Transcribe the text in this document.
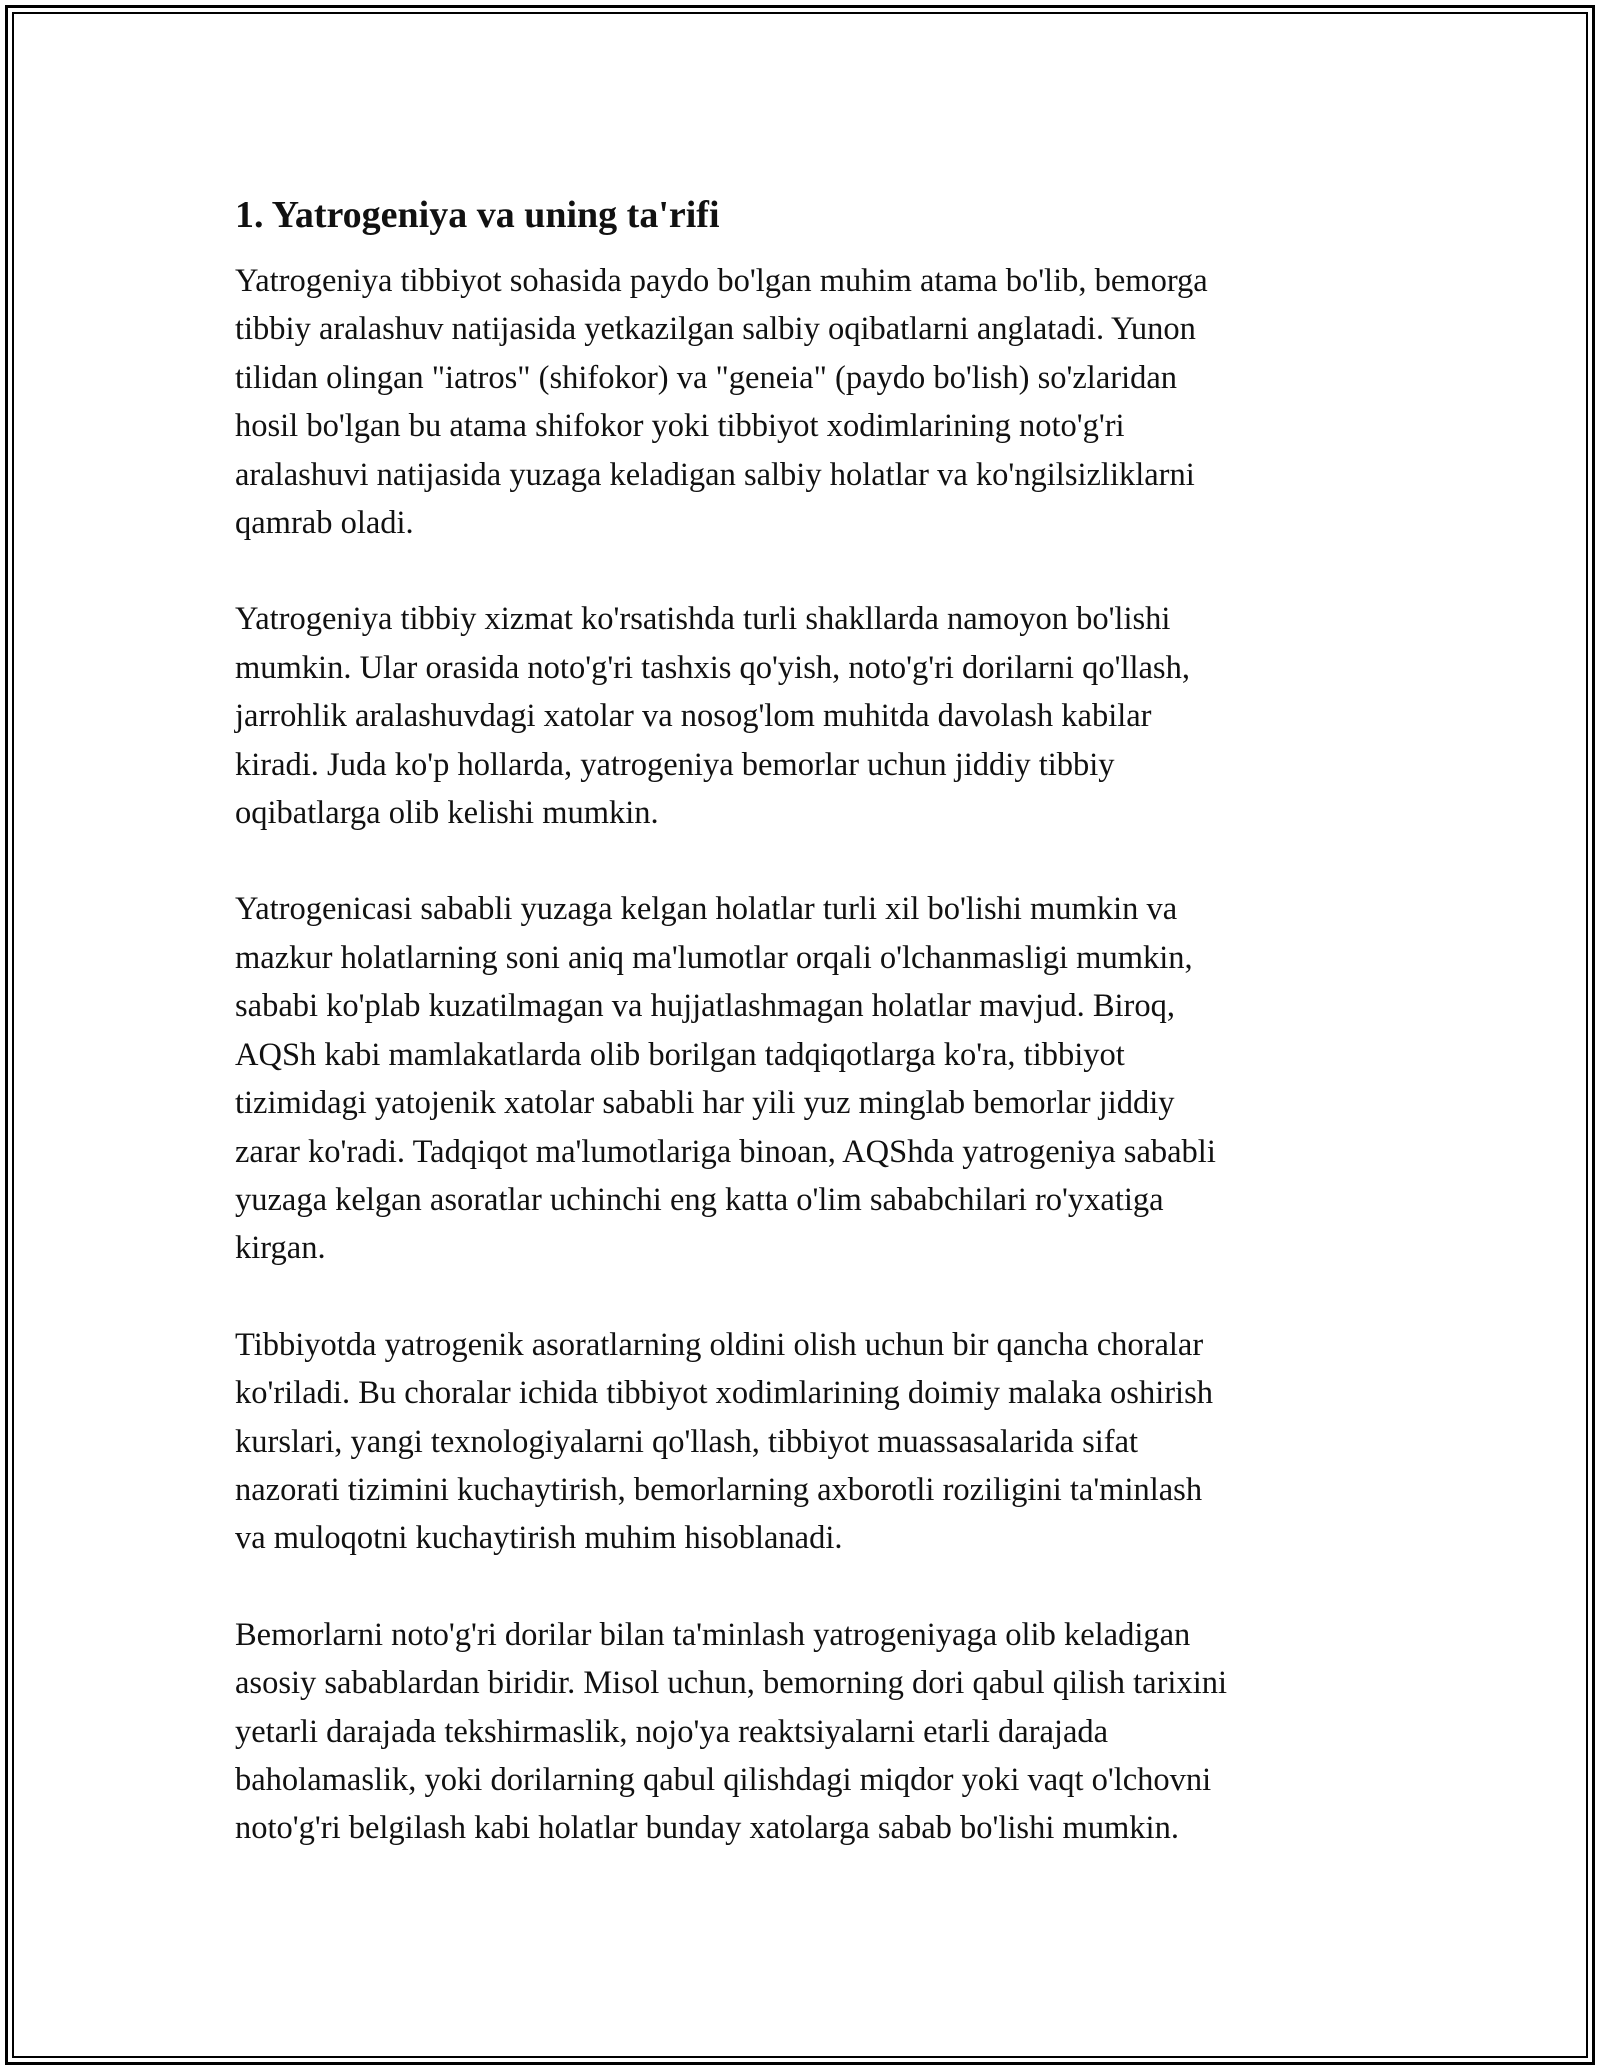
1. Yatrogeniya va uning ta'rifi

Yatrogeniya tibbiyot sohasida paydo bo'lgan muhim atama bo'lib, bemorga
tibbiy aralashuv natijasida yetkazilgan salbiy oqibatlarni anglatadi. Yunon
tilidan olingan "iatros" (shifokor) va "geneia" (paydo bo'lish) so'zlaridan
hosil bo'lgan bu atama shifokor yoki tibbiyot xodimlarining noto'g'ri
aralashuvi natijasida yuzaga keladigan salbiy holatlar va ko'ngilsizliklarni
qamrab oladi.

Yatrogeniya tibbiy xizmat ko'rsatishda turli shakllarda namoyon bo'lishi
mumkin. Ular orasida noto'g'ri tashxis qo'yish, noto'g'ri dorilarni qo'llash,
jarrohlik aralashuvdagi xatolar va nosog'lom muhitda davolash kabilar
kiradi. Juda ko'p hollarda, yatrogeniya bemorlar uchun jiddiy tibbiy
oqibatlarga olib kelishi mumkin.

Yatrogenicasi sababli yuzaga kelgan holatlar turli xil bo'lishi mumkin va
mazkur holatlarning soni aniq ma'lumotlar orqali o'lchanmasligi mumkin,
sababi ko'plab kuzatilmagan va hujjatlashmagan holatlar mavjud. Biroq,
AQSh kabi mamlakatlarda olib borilgan tadqiqotlarga ko'ra, tibbiyot
tizimidagi yatojenik xatolar sababli har yili yuz minglab bemorlar jiddiy
zarar ko'radi. Tadqiqot ma'lumotlariga binoan, AQShda yatrogeniya sababli
yuzaga kelgan asoratlar uchinchi eng katta o'lim sababchilari ro'yxatiga
kirgan.

Tibbiyotda yatrogenik asoratlarning oldini olish uchun bir qancha choralar
ko'riladi. Bu choralar ichida tibbiyot xodimlarining doimiy malaka oshirish
kurslari, yangi texnologiyalarni qo'llash, tibbiyot muassasalarida sifat
nazorati tizimini kuchaytirish, bemorlarning axborotli roziligini ta'minlash
va muloqotni kuchaytirish muhim hisoblanadi.

Bemorlarni noto'g'ri dorilar bilan ta'minlash yatrogeniyaga olib keladigan
asosiy sabablardan biridir. Misol uchun, bemorning dori qabul qilish tarixini
yetarli darajada tekshirmaslik, nojo'ya reaktsiyalarni etarli darajada
baholamaslik, yoki dorilarning qabul qilishdagi miqdor yoki vaqt o'lchovni
noto'g'ri belgilash kabi holatlar bunday xatolarga sabab bo'lishi mumkin.
